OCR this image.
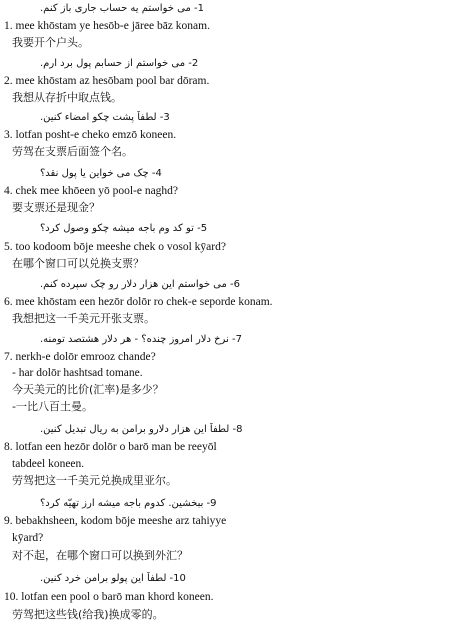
1- می خواستم یه حساب جاری باز کنم.
1. mee khōstam ye hesōb-e jāree bāz konam.
我要开个户头。
2- می خواستم از حسابم پول برد ارم.
2. mee khōstam az hesōbam pool bar dōram.
我想从存折中取点钱。
3- لطفاً پشت چکو امضاء کنین.
3. lotfan posht-e cheko emzō koneen.
劳驾在支票后面签个名。
4- چک می خواین یا پول نقد؟
4. chek mee khōeen yō pool-e naghd?
要支票还是现金？
5- تو کد وم باجه میشه چکو وصول کرد؟
5. too kodoom bōje meeshe chek o vosol kȳard?
在哪个窗口可以兑换支票？
6- می خواستم این هزار دلار رو چک سپرده کنم.
6. mee khōstam een hezōr dolōr ro chek-e seporde konam.
我想把这一千美元开张支票。
7- نرخ دلار امروز چنده؟ - هر دلار هشتصد تومنه.
7. nerkh-e dolōr emrooz chande?
- har dolōr hashtsad tomane.
今天美元的比价(汇率)是多少？
-一比八百土曼。
8- لطفاً این هزار دلارو برامن به ریال تبدیل کنین.
8. lotfan een hezōr dolōr o barō man be reeyōl
tabdeel koneen.
劳驾把这一千美元兑换成里亚尔。
9- ببخشین. کدوم باجه میشه ارز تهیّه کرد؟
9. bebakhsheen, kodom bōje meeshe arz tahiyye
kȳard?
对不起，在哪个窗口可以换到外汇？
10- لطفاً این پولو برامن خرد کنین.
10. lotfan een pool o barō man khord koneen.
劳驾把这些钱(给我)换成零的。
